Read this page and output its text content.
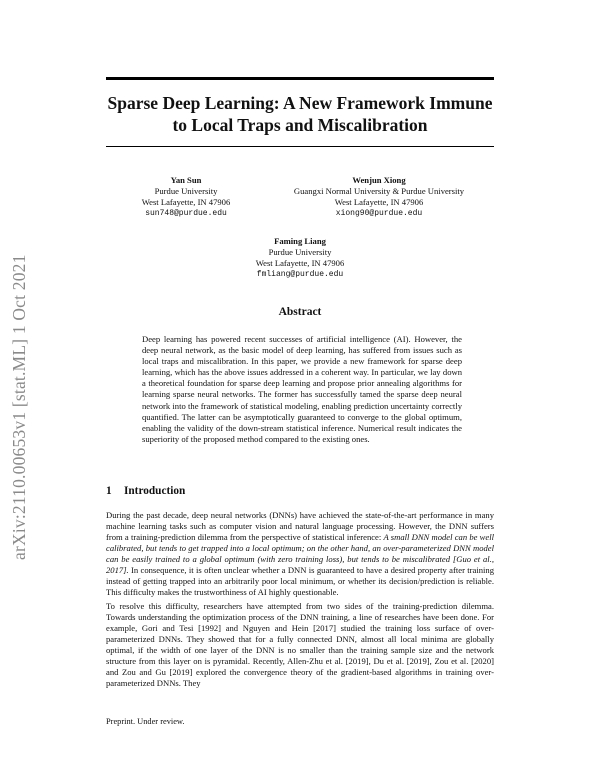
arXiv:2110.00653v1 [stat.ML] 1 Oct 2021
Sparse Deep Learning: A New Framework Immune
to Local Traps and Miscalibration
Yan Sun
Purdue University
West Lafayette, IN 47906
sun748@purdue.edu
Wenjun Xiong
Guangxi Normal University & Purdue University
West Lafayette, IN 47906
xiong90@purdue.edu
Faming Liang
Purdue University
West Lafayette, IN 47906
fmliang@purdue.edu
Abstract
Deep learning has powered recent successes of artificial intelligence (AI). However, the deep neural network, as the basic model of deep learning, has suffered from issues such as local traps and miscalibration. In this paper, we provide a new framework for sparse deep learning, which has the above issues addressed in a coherent way. In particular, we lay down a theoretical foundation for sparse deep learning and propose prior annealing algorithms for learning sparse neural networks. The former has successfully tamed the sparse deep neural network into the framework of statistical modeling, enabling prediction uncertainty correctly quantified. The latter can be asymptotically guaranteed to converge to the global optimum, enabling the validity of the down-stream statistical inference. Numerical result indicates the superiority of the proposed method compared to the existing ones.
1 Introduction
During the past decade, deep neural networks (DNNs) have achieved the state-of-the-art performance in many machine learning tasks such as computer vision and natural language processing. However, the DNN suffers from a training-prediction dilemma from the perspective of statistical inference: A small DNN model can be well calibrated, but tends to get trapped into a local optimum; on the other hand, an over-parameterized DNN model can be easily trained to a global optimum (with zero training loss), but tends to be miscalibrated [Guo et al., 2017]. In consequence, it is often unclear whether a DNN is guaranteed to have a desired property after training instead of getting trapped into an arbitrarily poor local minimum, or whether its decision/prediction is reliable. This difficulty makes the trustworthiness of AI highly questionable.
To resolve this difficulty, researchers have attempted from two sides of the training-prediction dilemma. Towards understanding the optimization process of the DNN training, a line of researches have been done. For example, Gori and Tesi [1992] and Nguyen and Hein [2017] studied the training loss surface of over-parameterized DNNs. They showed that for a fully connected DNN, almost all local minima are globally optimal, if the width of one layer of the DNN is no smaller than the training sample size and the network structure from this layer on is pyramidal. Recently, Allen-Zhu et al. [2019], Du et al. [2019], Zou et al. [2020] and Zou and Gu [2019] explored the convergence theory of the gradient-based algorithms in training over-parameterized DNNs. They
Preprint. Under review.
